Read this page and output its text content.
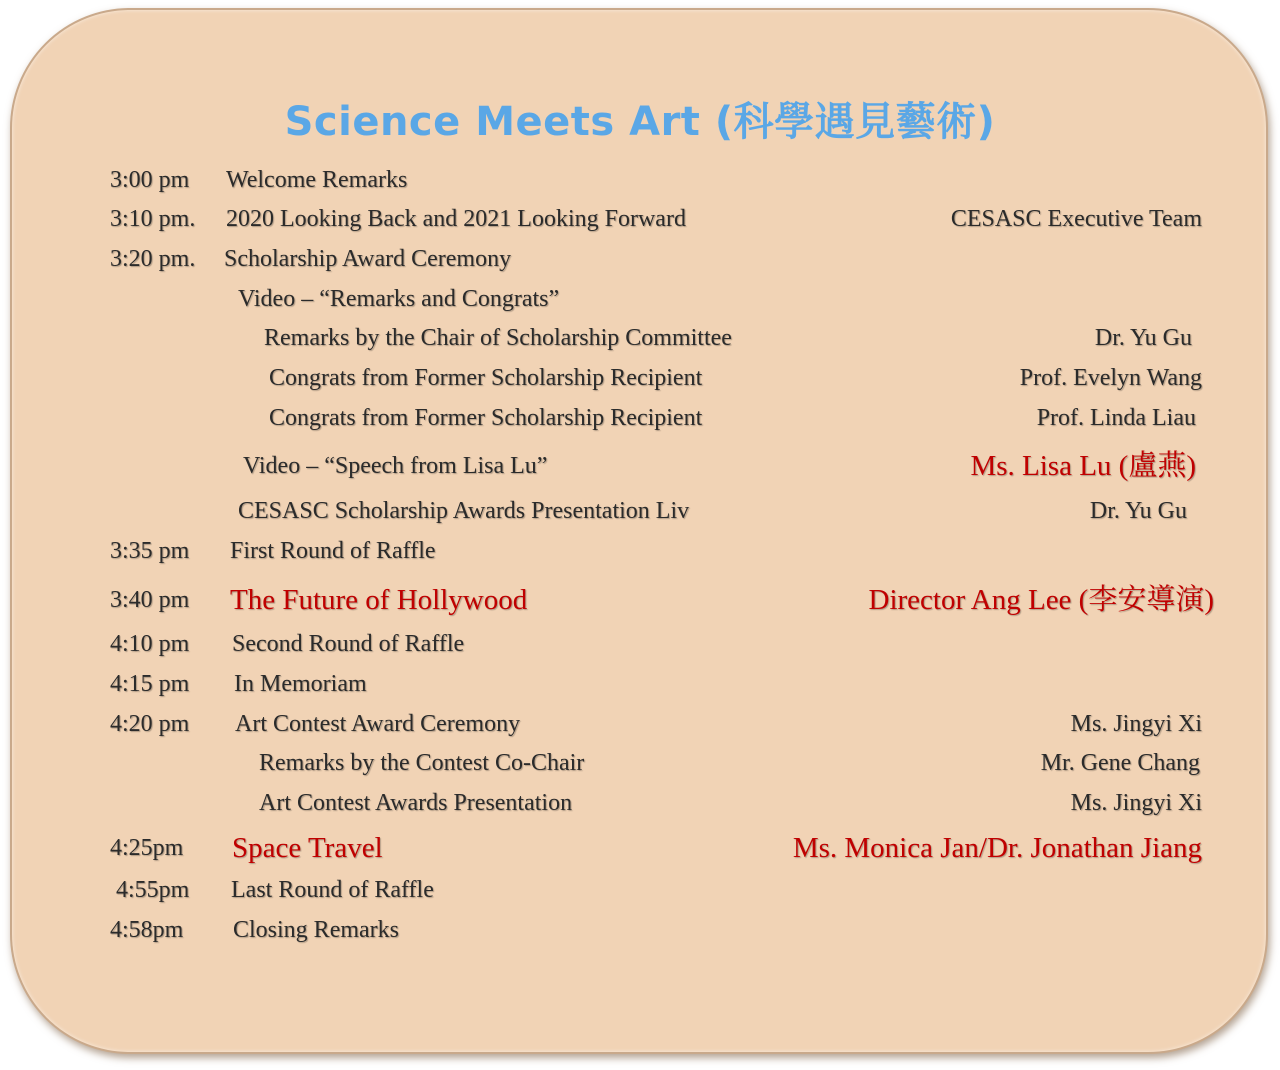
Science Meets Art (科學遇見藝術)
3:00 pm Welcome Remarks
3:10 pm. 2020 Looking Back and 2021 Looking Forward	CESASC Executive Team
3:20 pm. Scholarship Award Ceremony
Video – “Remarks and Congrats”
Remarks by the Chair of Scholarship Committee	Dr. Yu Gu
Congrats from Former Scholarship Recipient	Prof. Evelyn Wang
Congrats from Former Scholarship Recipient	Prof. Linda Liau
Video – “Speech from Lisa Lu”	Ms. Lisa Lu (盧燕)
CESASC Scholarship Awards Presentation Liv	Dr. Yu Gu
3:35 pm First Round of Raffle
3:40 pm The Future of Hollywood	Director Ang Lee (李安導演)
4:10 pm Second Round of Raffle
4:15 pm In Memoriam
4:20 pm Art Contest Award Ceremony	Ms. Jingyi Xi
Remarks by the Contest Co-Chair	Mr. Gene Chang
Art Contest Awards Presentation	Ms. Jingyi Xi
4:25pm Space Travel	Ms. Monica Jan/Dr. Jonathan Jiang
4:55pm Last Round of Raffle
4:58pm Closing Remarks
